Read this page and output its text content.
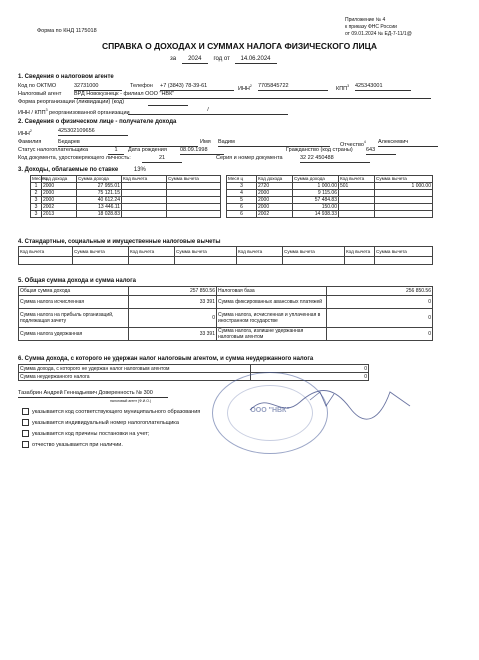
Форма по КНД 1175018
Приложение № 4
к приказу ФНС России
от 09.01.2024 № ЕД-7-11/1@
СПРАВКА О ДОХОДАХ И СУММАХ НАЛОГА ФИЗИЧЕСКОГО ЛИЦА
за 2024 год от 14.06.2024
1. Сведения о налоговом агенте
Код по ОКТМО	32731000	Телефон +7 (3843) 78-39-61	ИНН$^2$ 7705845722	КПП$^3$ 425343001
Налоговый агент ВРД Новокузнецк - филиал ООО "НВК"
Форма реорганизации (ликвидации) (код)
ИНН / КПП$^3$ реорганизованной организации	/
2. Сведения о физическом лице - получателе дохода
ИНН$^2$	425302109656
Фамилия	Бедарев	Имя Вадим	Отчество$^4$ Алексеевич
Статус налогоплательщика	1	Дата рождения 08.09.1998	Гражданство (код страны) 643
Код документа, удостоверяющего личность:	21	Серия и номер документа	32 22 450488
3. Доходы, облагаемые по ставке	13%
Меся ц	Код дохода	Сумма дохода	Код вычета	Сумма вычета
1	2000	27 955.01		
2	2000	75 121.15		
3	2000	40 612.24		
3	2002	13 446.11		
3	2013	18 028.83		
Меся ц	Код дохода	Сумма дохода	Код вычета	Сумма вычета
3	2720	1 000.00	501	1 000.00
4	2000	9 115.06		
5	2000	57 484.83		
6	2000	150.00		
6	2002	14 938.33		
4. Стандартные, социальные и имущественные налоговые вычеты
Код вычета	Сумма вычета	Код вычета	Сумма вычета	Код вычета	Сумма вычета	Код вычета	Сумма вычета

5. Общая сумма дохода и сумма налога
Общая сумма дохода	257 850.56	Налоговая база	256 850.56
Сумма налога исчисленная	33 391	Сумма фиксированных авансовых платежей	0
Сумма налога на прибыль организаций, подлежащая зачету	0	Сумма налога, исчисленная и уплаченная в иностранном государстве	0
Сумма налога удержанная	33 391	Сумма налога, излишне удержанная налоговым агентом	0
6. Сумма дохода, с которого не удержан налог налоговым агентом, и сумма неудержанного налога
Сумма дохода, с которого не удержан налог налоговым агентом	0
Сумма неудержанного налога	0
Тазабрин Андрей Геннадьевич Доверенность № 300
налоговый агент (Ф.И.О.)
ООО "НВК"
указывается код соответствующего муниципального образования
указывается индивидуальный номер налогоплательщика
указывается код причины постановки на учет;
отчество указывается при наличии.
